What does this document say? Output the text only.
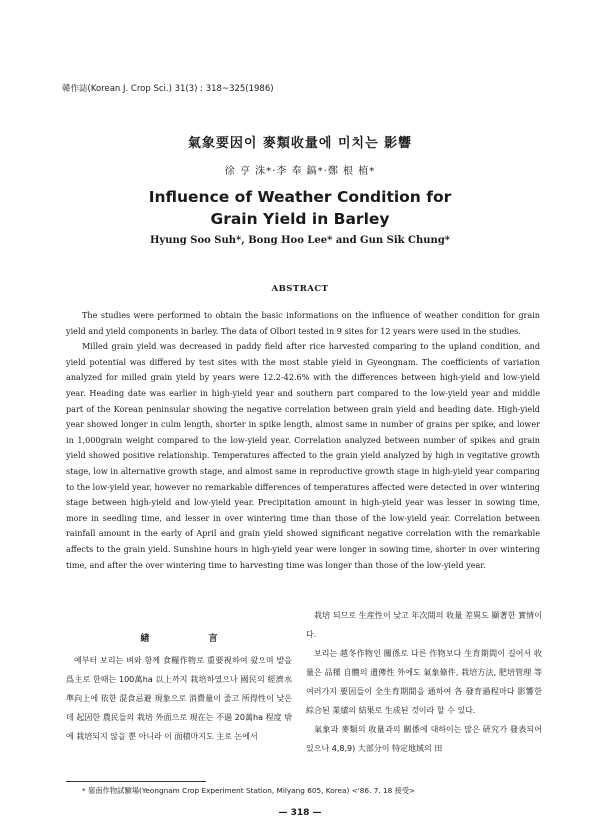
韓作誌(Korean J. Crop Sci.) 31(3) : 318~325(1986)
氣象要因이 麥類收量에 미치는 影響
徐 亨 洙*·李 奉 鎬*·鄭 根 植*
Influence of Weather Condition for
Grain Yield in Barley
Hyung Soo Suh*, Bong Hoo Lee* and Gun Sik Chung*
ABSTRACT

The studies were performed to obtain the basic informations on the influence of weather condition for grain yield and yield components in barley. The data of Olbori tested in 9 sites for 12 years were used in the studies.

Milled grain yield was decreased in paddy field after rice harvested comparing to the upland condition, and yield potential was differed by test sites with the most stable yield in Gyeongnam. The coefficients of variation analyzed for milled grain yield by years were 12.2-42.6% with the differences between high-yield and low-yield year. Heading date was earlier in high-yield year and southern part compared to the low-yield year and middle part of the Korean peninsular showing the negative correlation between grain yield and heading date. High-yield year showed longer in culm length, shorter in spike length, almost same in number of grains per spike, and lower in 1,000grain weight compared to the low-yield year. Correlation analyzed between number of spikes and grain yield showed positive relationship. Temperatures affected to the grain yield analyzed by high in vegitative growth stage, low in alternative growth stage, and almost same in reproductive growth stage in high-yield year comparing to the low-yield year, however no remarkable differences of temperatures affected were detected in over wintering stage between high-yield and low-yield year. Precipitation amount in high-yield year was lesser in sowing time, more in seedling time, and lesser in over wintering time than those of the low-yield year. Correlation between rainfall amount in the early of April and grain yield showed significant negative correlation with the remarkable affects to the grain yield. Sunshine hours in high-yield year were longer in sowing time, shorter in over wintering time, and after the over wintering time to harvesting time was longer than those of the low-yield year.

緖 言

예부터 보리는 벼와 함께 食糧作物로 重要視하여 왔으며 밭을 爲主로 한때는 100萬ha 以上까지 栽培하였으나 國民의 經濟水準向上에 依한 混食忌避 現象으로 消費量이 줄고 所得性이 낮은데 起因한 農民들의 栽培 外面으로 現在는 不過 20萬ha 程度 밖에 栽培되지 않을 뿐 아니라 이 面積마지도 主로 논에서

栽培 되므로 生産性이 낮고 年次間의 收量 差異도 顯著한 實情이다.

보리는 越冬作物인 關係로 다른 作物보다 生育期間이 길어서 收量은 品種 自體의 遺傳性 外에도 氣象條件, 栽培方法, 肥培管理 等 여러가지 要因들이 全生育期間을 通하여 各 發育過程마다 影響한 綜合된 業績의 結果로 生成된 것이라 할 수 있다.

氣象과 麥類의 收量과의 關係에 대하이는 많은 研究가 發表되어 있으나 4,8,9) 大部分이 特定地域의 田

* 嶺南作物試驗場(Yeongnam Crop Experiment Station, Milyang 605, Korea) <'86. 7. 18 接受>
— 318 —
